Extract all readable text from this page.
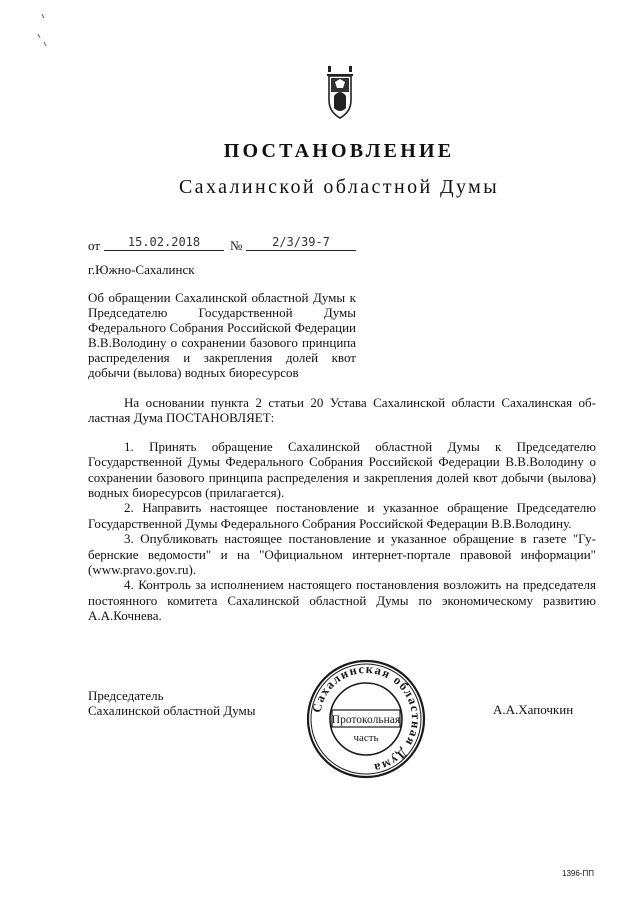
ПОСТАНОВЛЕНИЕ
Сахалинской областной Думы
от	15.02.2018	№	2/3/39-7
г.Южно-Сахалинск
Об обращении Сахалинской областной Думы к
Председателю Государственной Думы
Федерального Собрания Российской Федерации
В.В.Володину о сохранении базового принципа
распределения и закрепления долей квот
добычи (вылова) водных биоресурсов
На основании пункта 2 статьи 20 Устава Сахалинской области Сахалинская об-
ластная Дума ПОСТАНОВЛЯЕТ:
1. Принять обращение Сахалинской областной Думы к Председателю
Государственной Думы Федерального Собрания Российской Федерации В.В.Володину о
сохранении базового принципа распределения и закрепления долей квот добычи (вылова)
водных биоресурсов (прилагается).
2. Направить настоящее постановление и указанное обращение Председателю
Государственной Думы Федерального Собрания Российской Федерации В.В.Володину.
3. Опубликовать настоящее постановление и указанное обращение в газете "Гу-
бернские ведомости" и на "Официальном интернет-портале правовой информации"
(www.pravo.gov.ru).
4. Контроль за исполнением настоящего постановления возложить на председателя
постоянного комитета Сахалинской областной Думы по экономическому развитию
А.А.Кочнева.
Председатель
Сахалинской областной Думы	А.А.Хапочкин
Сахалинская областная Дума
Протокольная
часть
1396-ПП
